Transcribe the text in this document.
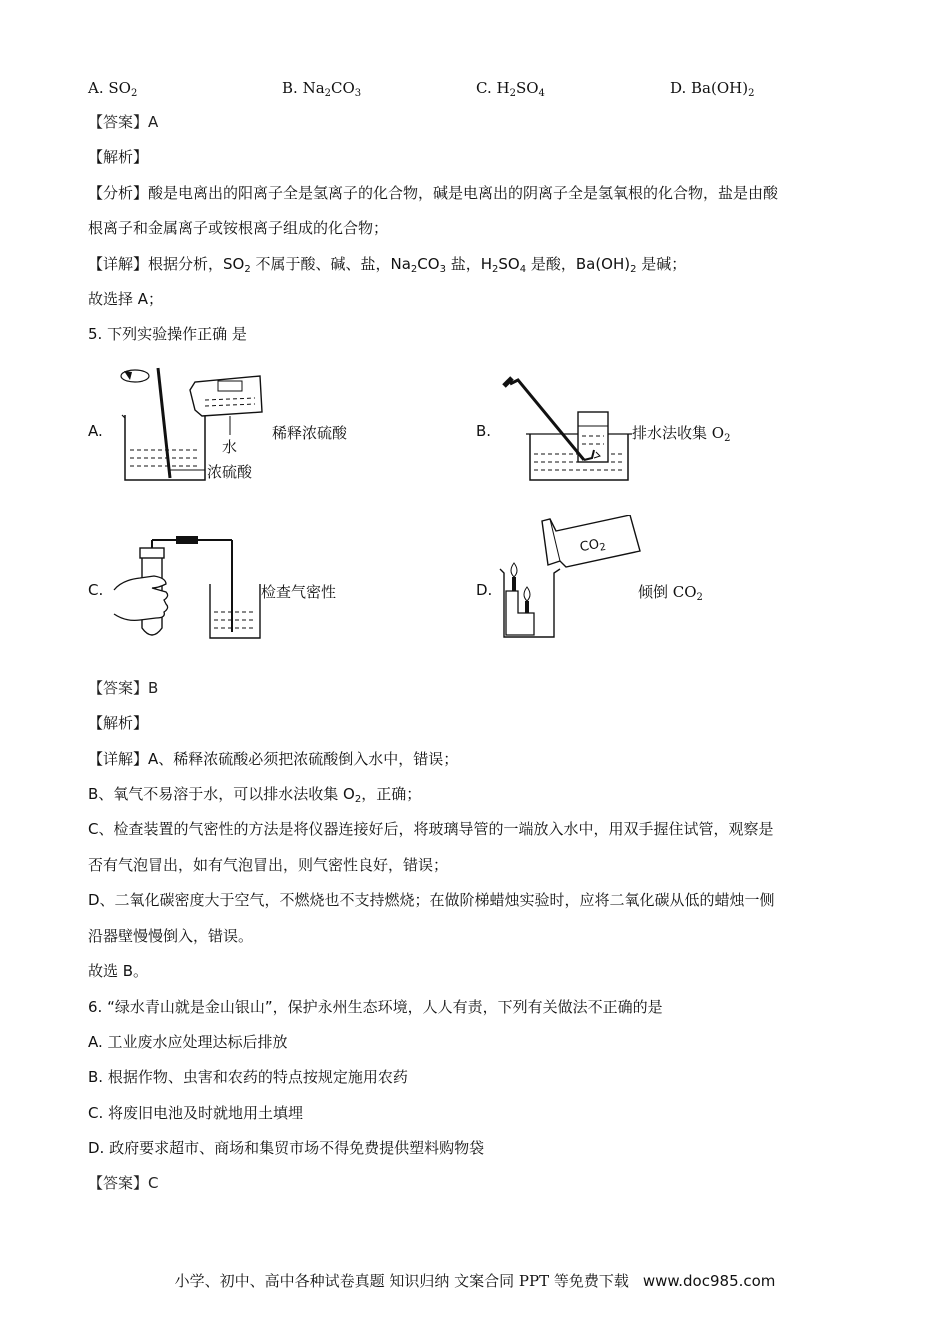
A. $SO_2$	B. $Na_2CO_3$	C. $H_2SO_4$	D. $Ba(OH)_2$
【答案】A
【解析】
【分析】酸是电离出的阳离子全是氢离子的化合物，碱是电离出的阴离子全是氢氧根的化合物，盐是由酸
根离子和金属离子或铵根离子组成的化合物；
【详解】根据分析，$SO_2$ 不属于酸、碱、盐，$Na_2CO_3$ 盐，$H_2SO_4$ 是酸，$Ba(OH)_2$ 是碱；
故选择 A；
5. 下列实验操作正确 是
A.
水
浓硫酸
稀释浓硫酸	B.	排水法收集 $O_2$
C.	检查气密性	D.
$CO_2$
倾倒 $CO_2$
【答案】B
【解析】
【详解】A、稀释浓硫酸必须把浓硫酸倒入水中，错误；
B、氧气不易溶于水，可以排水法收集 $O_2$，正确；
C、检查装置的气密性的方法是将仪器连接好后，将玻璃导管的一端放入水中，用双手握住试管，观察是
否有气泡冒出，如有气泡冒出，则气密性良好，错误；
D、二氧化碳密度大于空气，不燃烧也不支持燃烧；在做阶梯蜡烛实验时，应将二氧化碳从低的蜡烛一侧
沿器壁慢慢倒入，错误。
故选 B。
6. “绿水青山就是金山银山”，保护永州生态环境，人人有责，下列有关做法不正确的是
A. 工业废水应处理达标后排放
B. 根据作物、虫害和农药的特点按规定施用农药
C. 将废旧电池及时就地用土填埋
D. 政府要求超市、商场和集贸市场不得免费提供塑料购物袋
【答案】C
小学、初中、高中各种试卷真题 知识归纳 文案合同 PPT 等免费下载 www.doc985.com
